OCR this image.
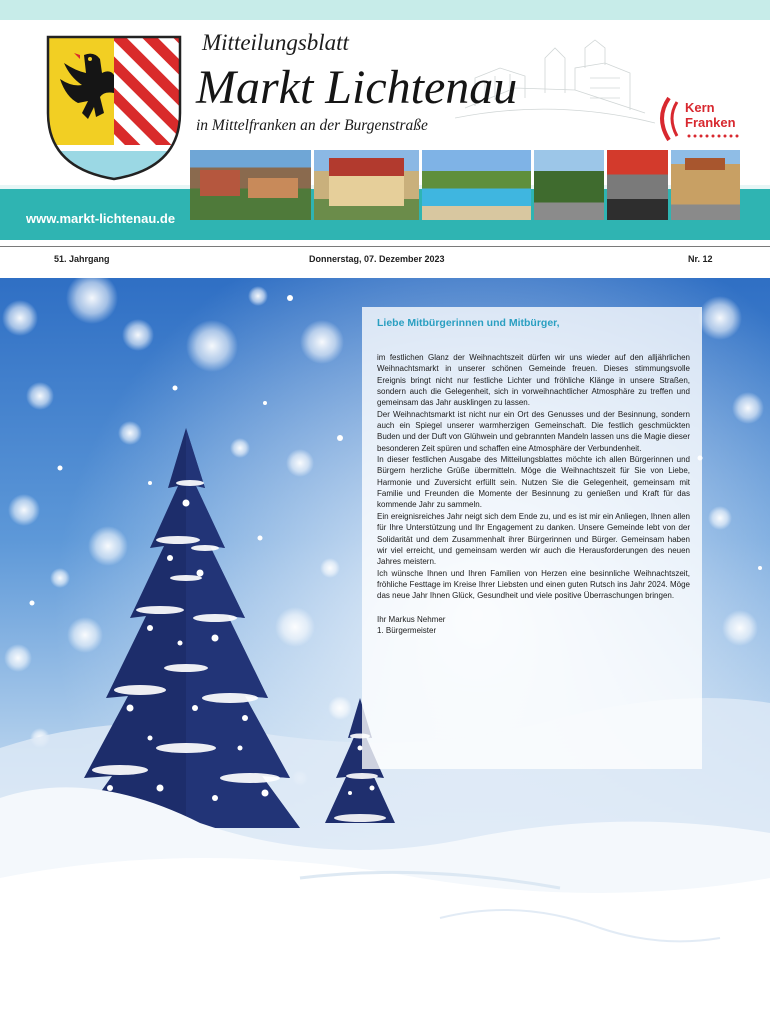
Mitteilungsblatt
Markt Lichtenau
in Mittelfranken an der Burgenstraße
Kern
Franken
www.markt-lichtenau.de
51. Jahrgang	Donnerstag, 07. Dezember 2023	Nr. 12
Liebe Mitbürgerinnen und Mitbürger,

im festlichen Glanz der Weihnachtszeit dürfen wir uns wieder auf den alljährlichen Weihnachtsmarkt in unserer schönen Gemeinde freuen. Dieses stimmungsvolle Ereignis bringt nicht nur festliche Lichter und fröhliche Klänge in unsere Straßen, sondern auch die Gelegenheit, sich in vorweihnachtlicher Atmosphäre zu treffen und gemeinsam das Jahr ausklingen zu lassen.

Der Weihnachtsmarkt ist nicht nur ein Ort des Genusses und der Besinnung, sondern auch ein Spiegel unserer warmherzigen Gemeinschaft. Die festlich geschmückten Buden und der Duft von Glühwein und gebrannten Mandeln lassen uns die Magie dieser besonderen Zeit spüren und schaffen eine Atmosphäre der Verbundenheit.

In dieser festlichen Ausgabe des Mitteilungsblattes möchte ich allen Bürgerinnen und Bürgern herzliche Grüße übermitteln. Möge die Weihnachtszeit für Sie von Liebe, Harmonie und Zuversicht erfüllt sein. Nutzen Sie die Gelegenheit, gemeinsam mit Familie und Freunden die Momente der Besinnung zu genießen und Kraft für das kommende Jahr zu sammeln.

Ein ereignisreiches Jahr neigt sich dem Ende zu, und es ist mir ein Anliegen, Ihnen allen für Ihre Unterstützung und Ihr Engagement zu danken. Unsere Gemeinde lebt von der Solidarität und dem Zusammenhalt ihrer Bürgerinnen und Bürger. Gemeinsam haben wir viel erreicht, und gemeinsam werden wir auch die Herausforderungen des neuen Jahres meistern.

Ich wünsche Ihnen und Ihren Familien von Herzen eine besinnliche Weihnachtszeit, fröhliche Festtage im Kreise Ihrer Liebsten und einen guten Rutsch ins Jahr 2024. Möge das neue Jahr Ihnen Glück, Gesundheit und viele positive Überraschungen bringen.

Ihr Markus Nehmer
1. Bürgermeister
